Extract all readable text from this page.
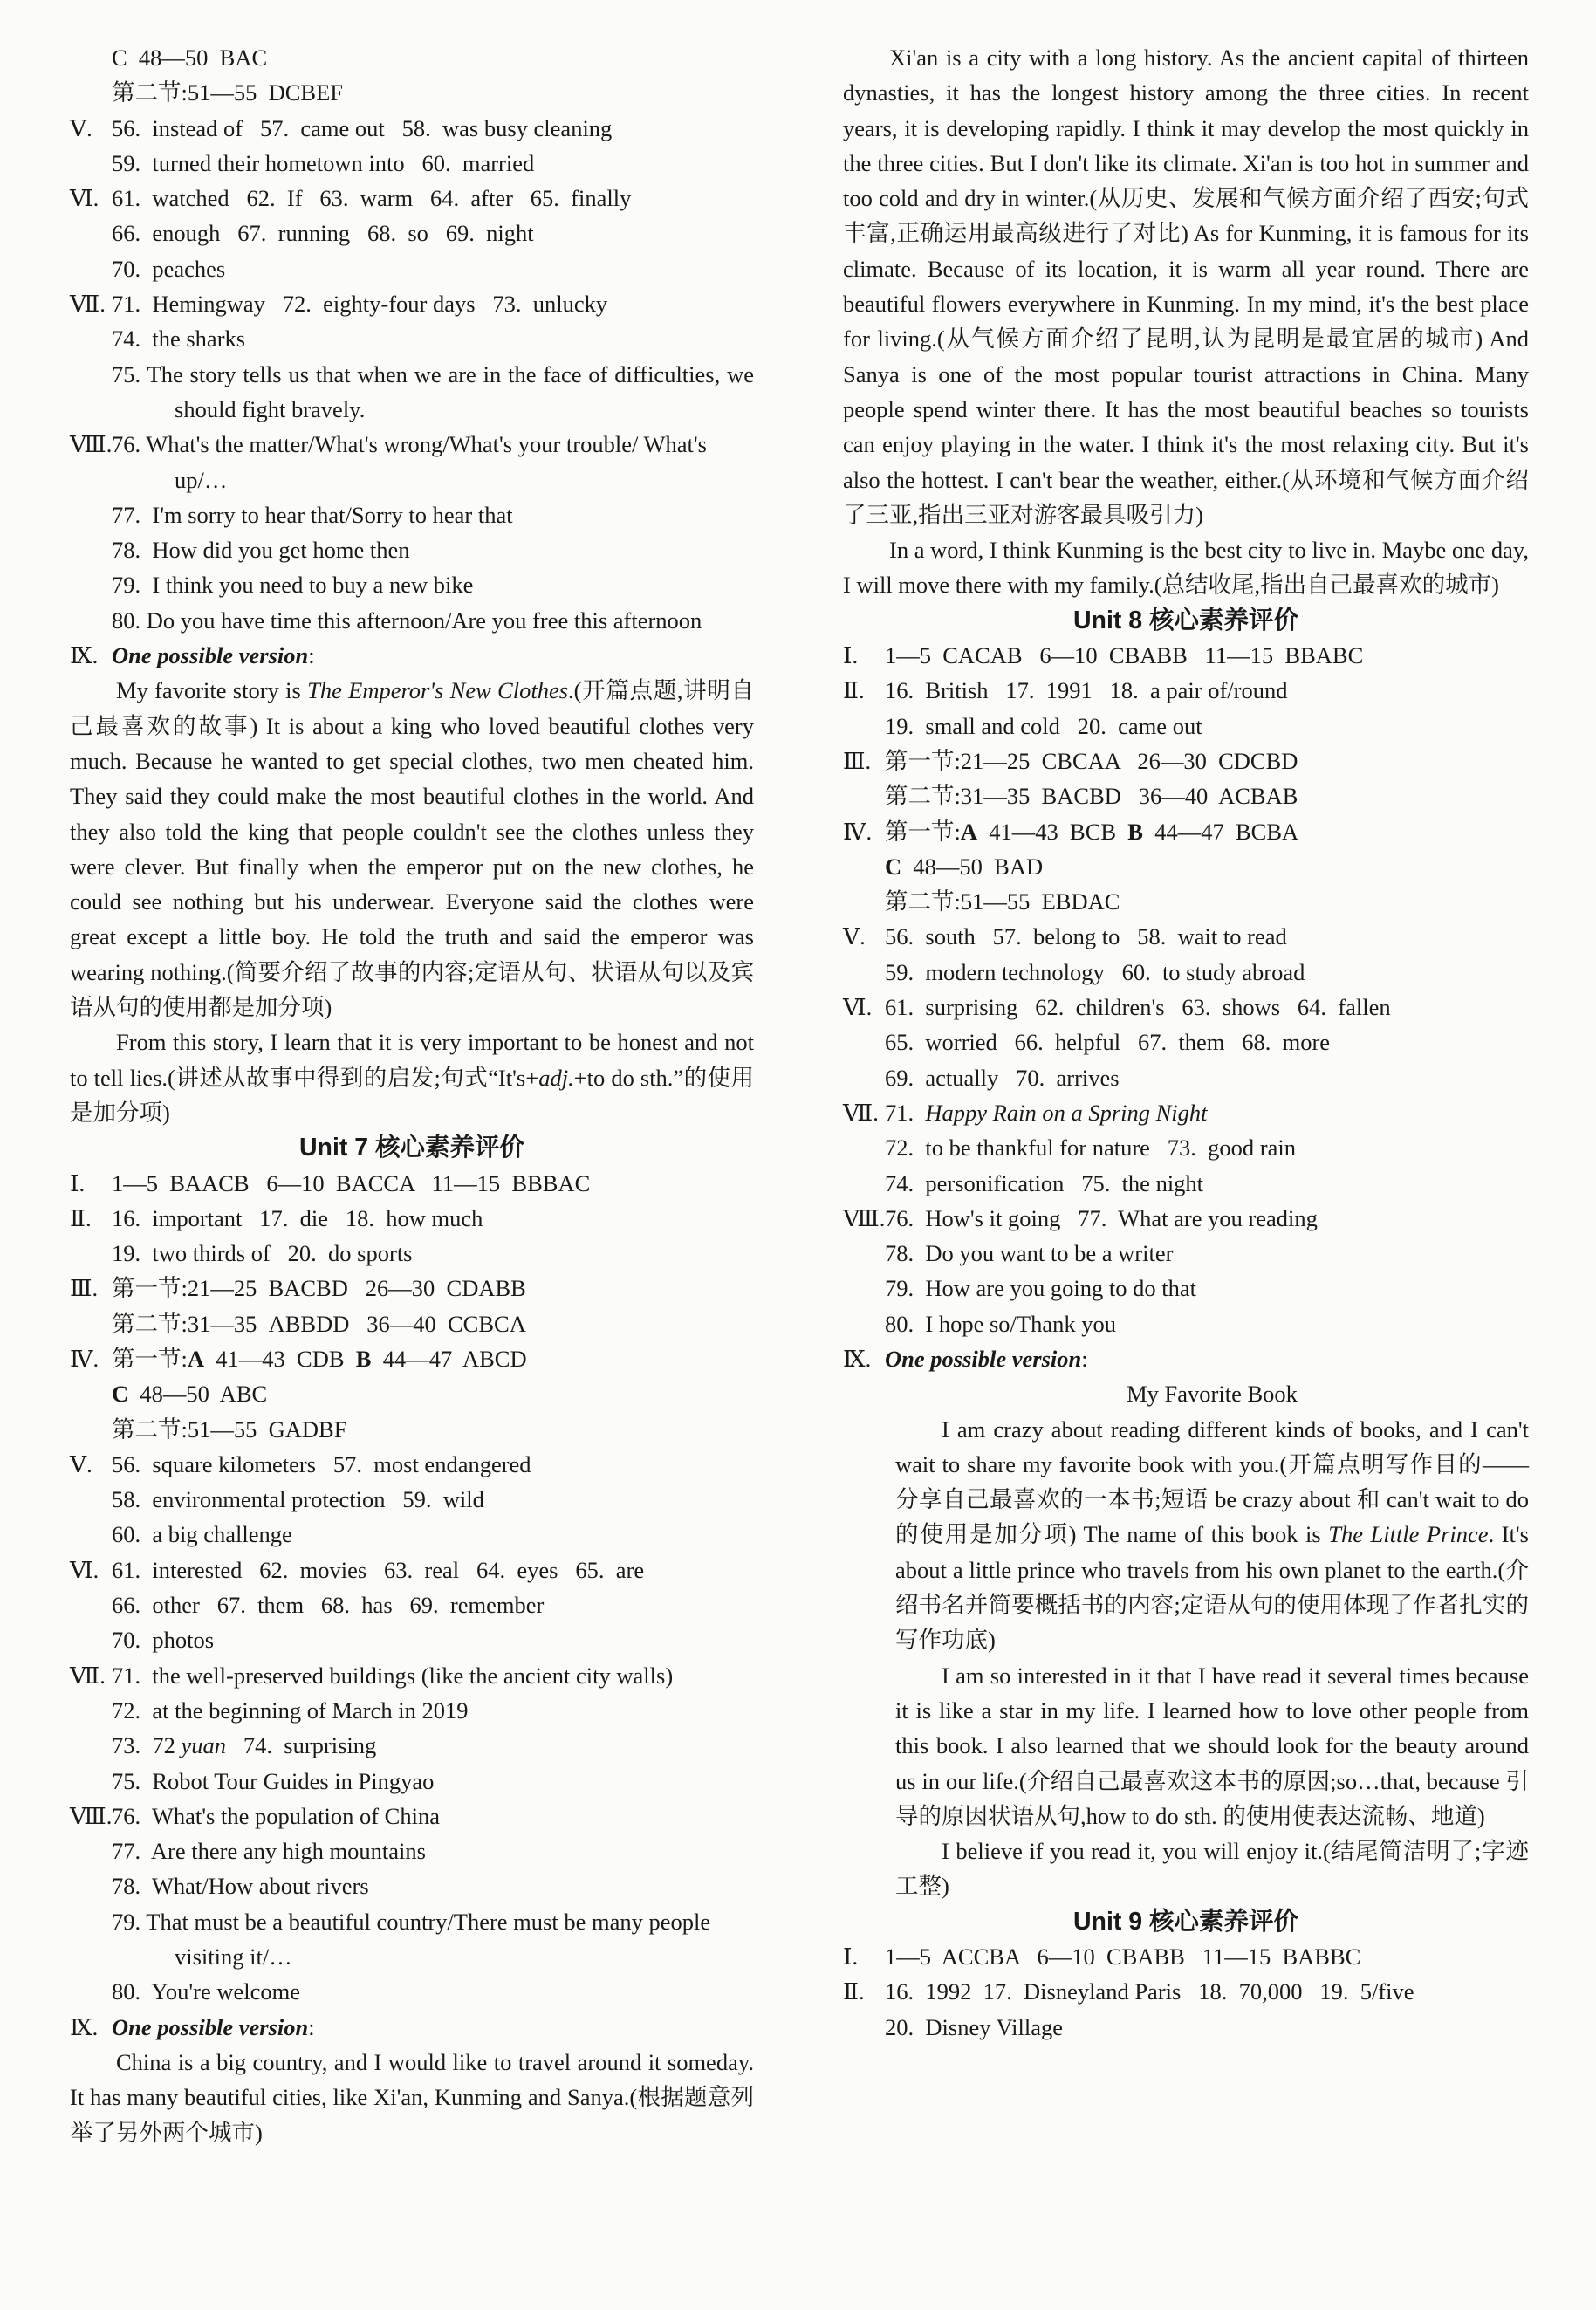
C  48—50  BAC
第二节:51—55  DCBEF
Ⅴ. 56.  instead of   57.  came out   58.  was busy cleaning
59.  turned their hometown into   60.  married
Ⅵ. 61.  watched   62.  If   63.  warm   64.  after   65.  finally
66.  enough   67.  running   68.  so   69.  night
70.  peaches
Ⅶ. 71.  Hemingway   72.  eighty-four days   73.  unlucky
74.  the sharks
75. The story tells us that when we are in the face of difficulties, we should fight bravely.
Ⅷ. 76. What's the matter/What's wrong/What's your trouble/ What's up/…
77.  I'm sorry to hear that/Sorry to hear that
78.  How did you get home then
79.  I think you need to buy a new bike
80. Do you have time this afternoon/Are you free this afternoon
Ⅸ. One possible version:
My favorite story is The Emperor's New Clothes.(开篇点题,讲明自己最喜欢的故事) It is about a king who loved beautiful clothes very much. Because he wanted to get special clothes, two men cheated him. They said they could make the most beautiful clothes in the world. And they also told the king that people couldn't see the clothes unless they were clever. But finally when the emperor put on the new clothes, he could see nothing but his underwear. Everyone said the clothes were great except a little boy. He told the truth and said the emperor was wearing nothing.(简要介绍了故事的内容;定语从句、状语从句以及宾语从句的使用都是加分项)
From this story, I learn that it is very important to be honest and not to tell lies.(讲述从故事中得到的启发;句式“It's+adj.+to do sth.”的使用是加分项)
Unit 7 核心素养评价
Ⅰ.	1—5  BAACB   6—10  BACCA   11—15  BBBAC
Ⅱ. 16.  important   17.  die   18.  how much
19.  two thirds of   20.  do sports
Ⅲ. 第一节:21—25  BACBD   26—30  CDABB
第二节:31—35  ABBDD   36—40  CCBCA
Ⅳ. 第一节:A  41—43  CDB  B  44—47  ABCD
C  48—50  ABC
第二节:51—55  GADBF
Ⅴ. 56.  square kilometers   57.  most endangered
58.  environmental protection   59.  wild
60.  a big challenge
Ⅵ. 61.  interested   62.  movies   63.  real   64.  eyes   65.  are
66.  other   67.  them   68.  has   69.  remember
70.  photos
Ⅶ. 71.  the well-preserved buildings (like the ancient city walls)
72.  at the beginning of March in 2019
73.  72 yuan   74.  surprising
75.  Robot Tour Guides in Pingyao
Ⅷ. 76.  What's the population of China
77.  Are there any high mountains
78.  What/How about rivers
79. That must be a beautiful country/There must be many people visiting it/…
80.  You're welcome
Ⅸ. One possible version:
China is a big country, and I would like to travel around it someday. It has many beautiful cities, like Xi'an, Kunming and Sanya.(根据题意列举了另外两个城市)
Xi'an is a city with a long history. As the ancient capital of thirteen dynasties, it has the longest history among the three cities. In recent years, it is developing rapidly. I think it may develop the most quickly in the three cities. But I don't like its climate. Xi'an is too hot in summer and too cold and dry in winter.(从历史、发展和气候方面介绍了西安;句式丰富,正确运用最高级进行了对比) As for Kunming, it is famous for its climate. Because of its location, it is warm all year round. There are beautiful flowers everywhere in Kunming. In my mind, it's the best place for living.(从气候方面介绍了昆明,认为昆明是最宜居的城市) And Sanya is one of the most popular tourist attractions in China. Many people spend winter there. It has the most beautiful beaches so tourists can enjoy playing in the water. I think it's the most relaxing city. But it's also the hottest. I can't bear the weather, either.(从环境和气候方面介绍了三亚,指出三亚对游客最具吸引力)
In a word, I think Kunming is the best city to live in. Maybe one day, I will move there with my family.(总结收尾,指出自己最喜欢的城市)
Unit 8 核心素养评价
Ⅰ.	1—5  CACAB   6—10  CBABB   11—15  BBABC
Ⅱ. 16.  British   17.  1991   18.  a pair of/round
19.  small and cold   20.  came out
Ⅲ. 第一节:21—25  CBCAA   26—30  CDCBD
第二节:31—35  BACBD   36—40  ACBAB
Ⅳ. 第一节:A  41—43  BCB  B  44—47  BCBA
C  48—50  BAD
第二节:51—55  EBDAC
Ⅴ. 56.  south   57.  belong to   58.  wait to read
59.  modern technology   60.  to study abroad
Ⅵ. 61.  surprising   62.  children's   63.  shows   64.  fallen
65.  worried   66.  helpful   67.  them   68.  more
69.  actually   70.  arrives
Ⅶ. 71.  Happy Rain on a Spring Night
72.  to be thankful for nature   73.  good rain
74.  personification   75.  the night
Ⅷ. 76.  How's it going   77.  What are you reading
78.  Do you want to be a writer
79.  How are you going to do that
80.  I hope so/Thank you
Ⅸ. One possible version:
My Favorite Book
I am crazy about reading different kinds of books, and I can't wait to share my favorite book with you.(开篇点明写作目的——分享自己最喜欢的一本书;短语 be crazy about 和 can't wait to do 的使用是加分项) The name of this book is The Little Prince. It's about a little prince who travels from his own planet to the earth.(介绍书名并简要概括书的内容;定语从句的使用体现了作者扎实的写作功底)
I am so interested in it that I have read it several times because it is like a star in my life. I learned how to love other people from this book. I also learned that we should look for the beauty around us in our life.(介绍自己最喜欢这本书的原因;so…that, because 引导的原因状语从句,how to do sth. 的使用使表达流畅、地道)
I believe if you read it, you will enjoy it.(结尾简洁明了;字迹工整)
Unit 9 核心素养评价
Ⅰ.	1—5  ACCBA   6—10  CBABB   11—15  BABBC
Ⅱ. 16.  1992  17.  Disneyland Paris   18.  70,000   19.  5/five
20.  Disney Village
